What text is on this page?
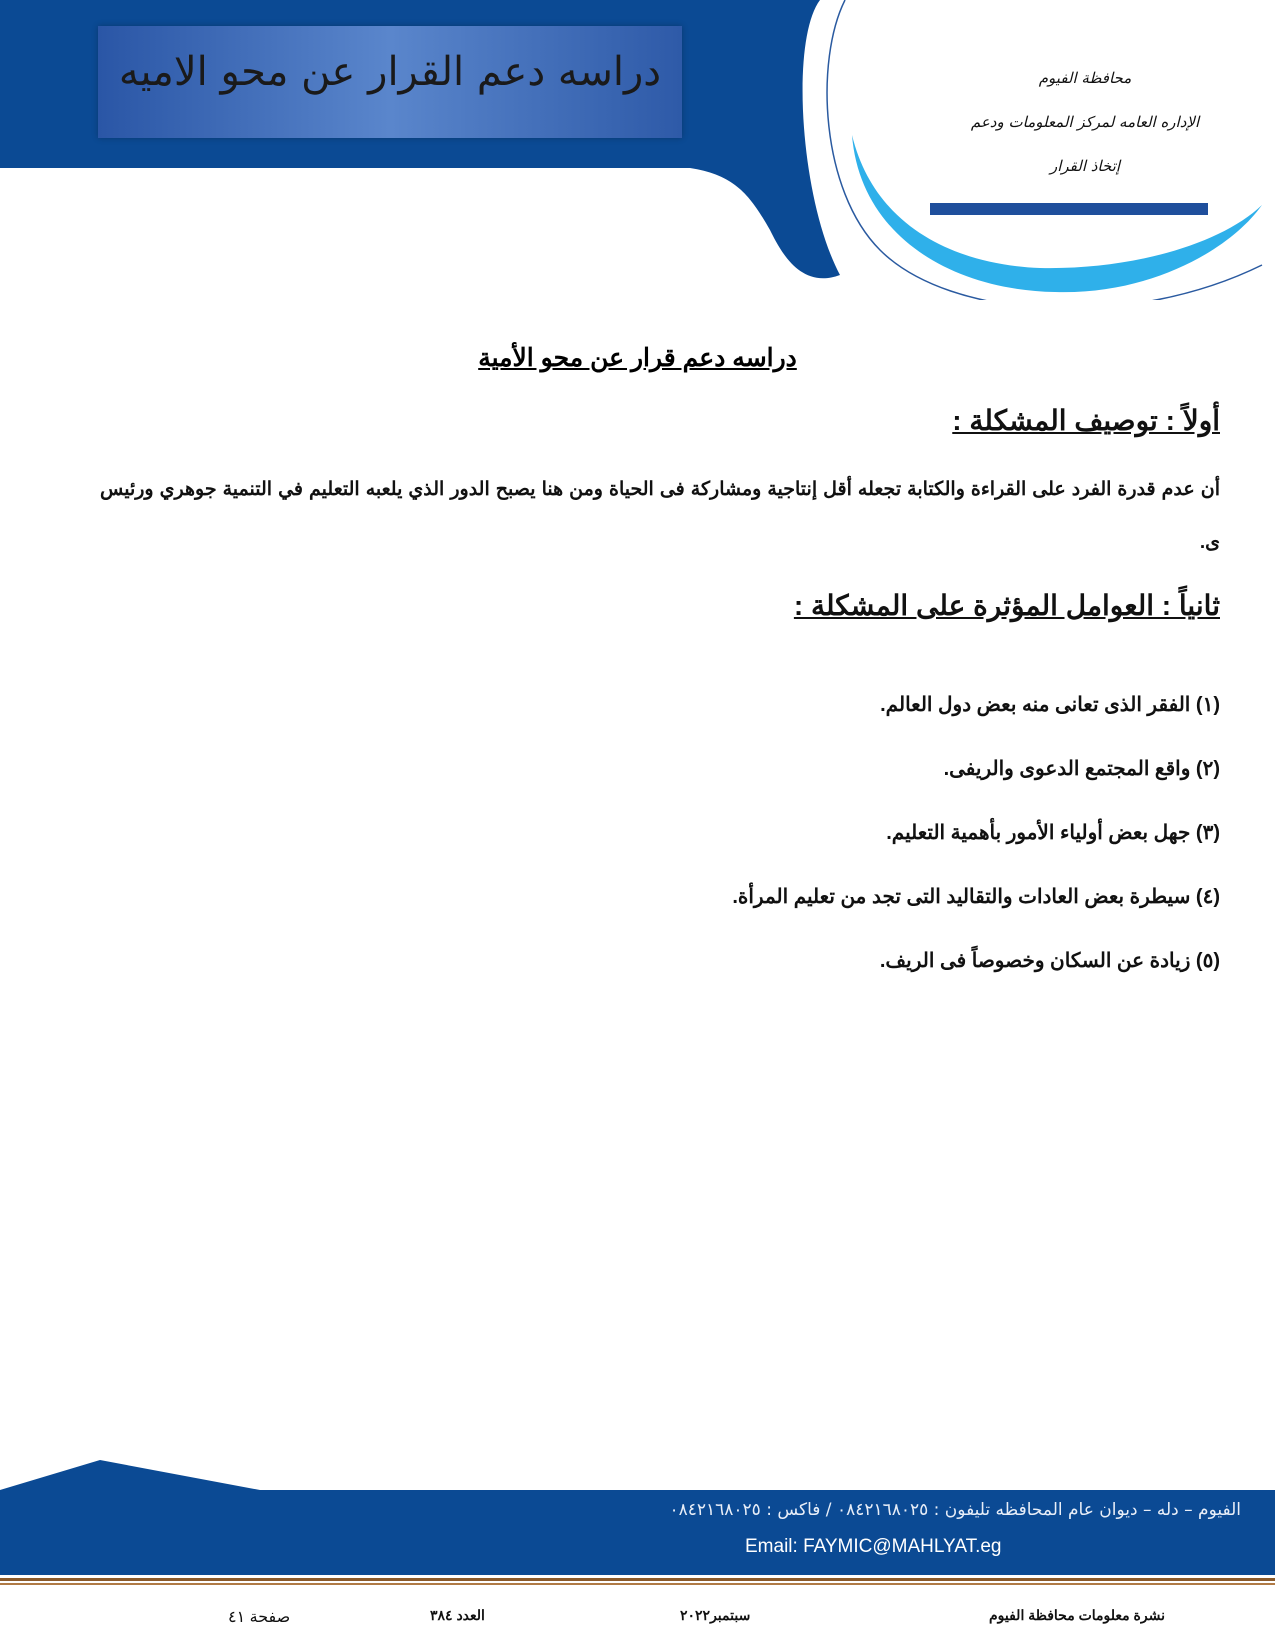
دراسه دعم القرار عن محو الاميه	محافظة الفيوم
الإداره العامه لمركز المعلومات ودعم
إتخاذ القرار
دراسه دعم قرار عن محو الأمية
أولاً : توصيف المشكلة :

أن عدم قدرة الفرد على القراءة والكتابة تجعله أقل إنتاجية ومشاركة فى الحياة ومن هنا يصبح الدور الذي يلعبه التعليم في التنمية جوهري ورئيس ى.

ثانياً : العوامل المؤثرة على المشكلة :
(١) الفقر الذى تعانى منه بعض دول العالم.
(٢) واقع المجتمع الدعوى والريفى.
(٣) جهل بعض أولياء الأمور بأهمية التعليم.
(٤) سيطرة بعض العادات والتقاليد التى تجد من تعليم المرأة.
(٥) زيادة عن السكان وخصوصاً فى الريف.
الفيوم – دله – ديوان عام المحافظه تليفون : ٠٨٤٢١٦٨٠٢٥ / فاكس : ٠٨٤٢١٦٨٠٢٥
Email: FAYMIC@MAHLYAT.eg
نشرة معلومات محافظة الفيوم
سبتمبر٢٠٢٢
العدد ٣٨٤
صفحة ٤١
